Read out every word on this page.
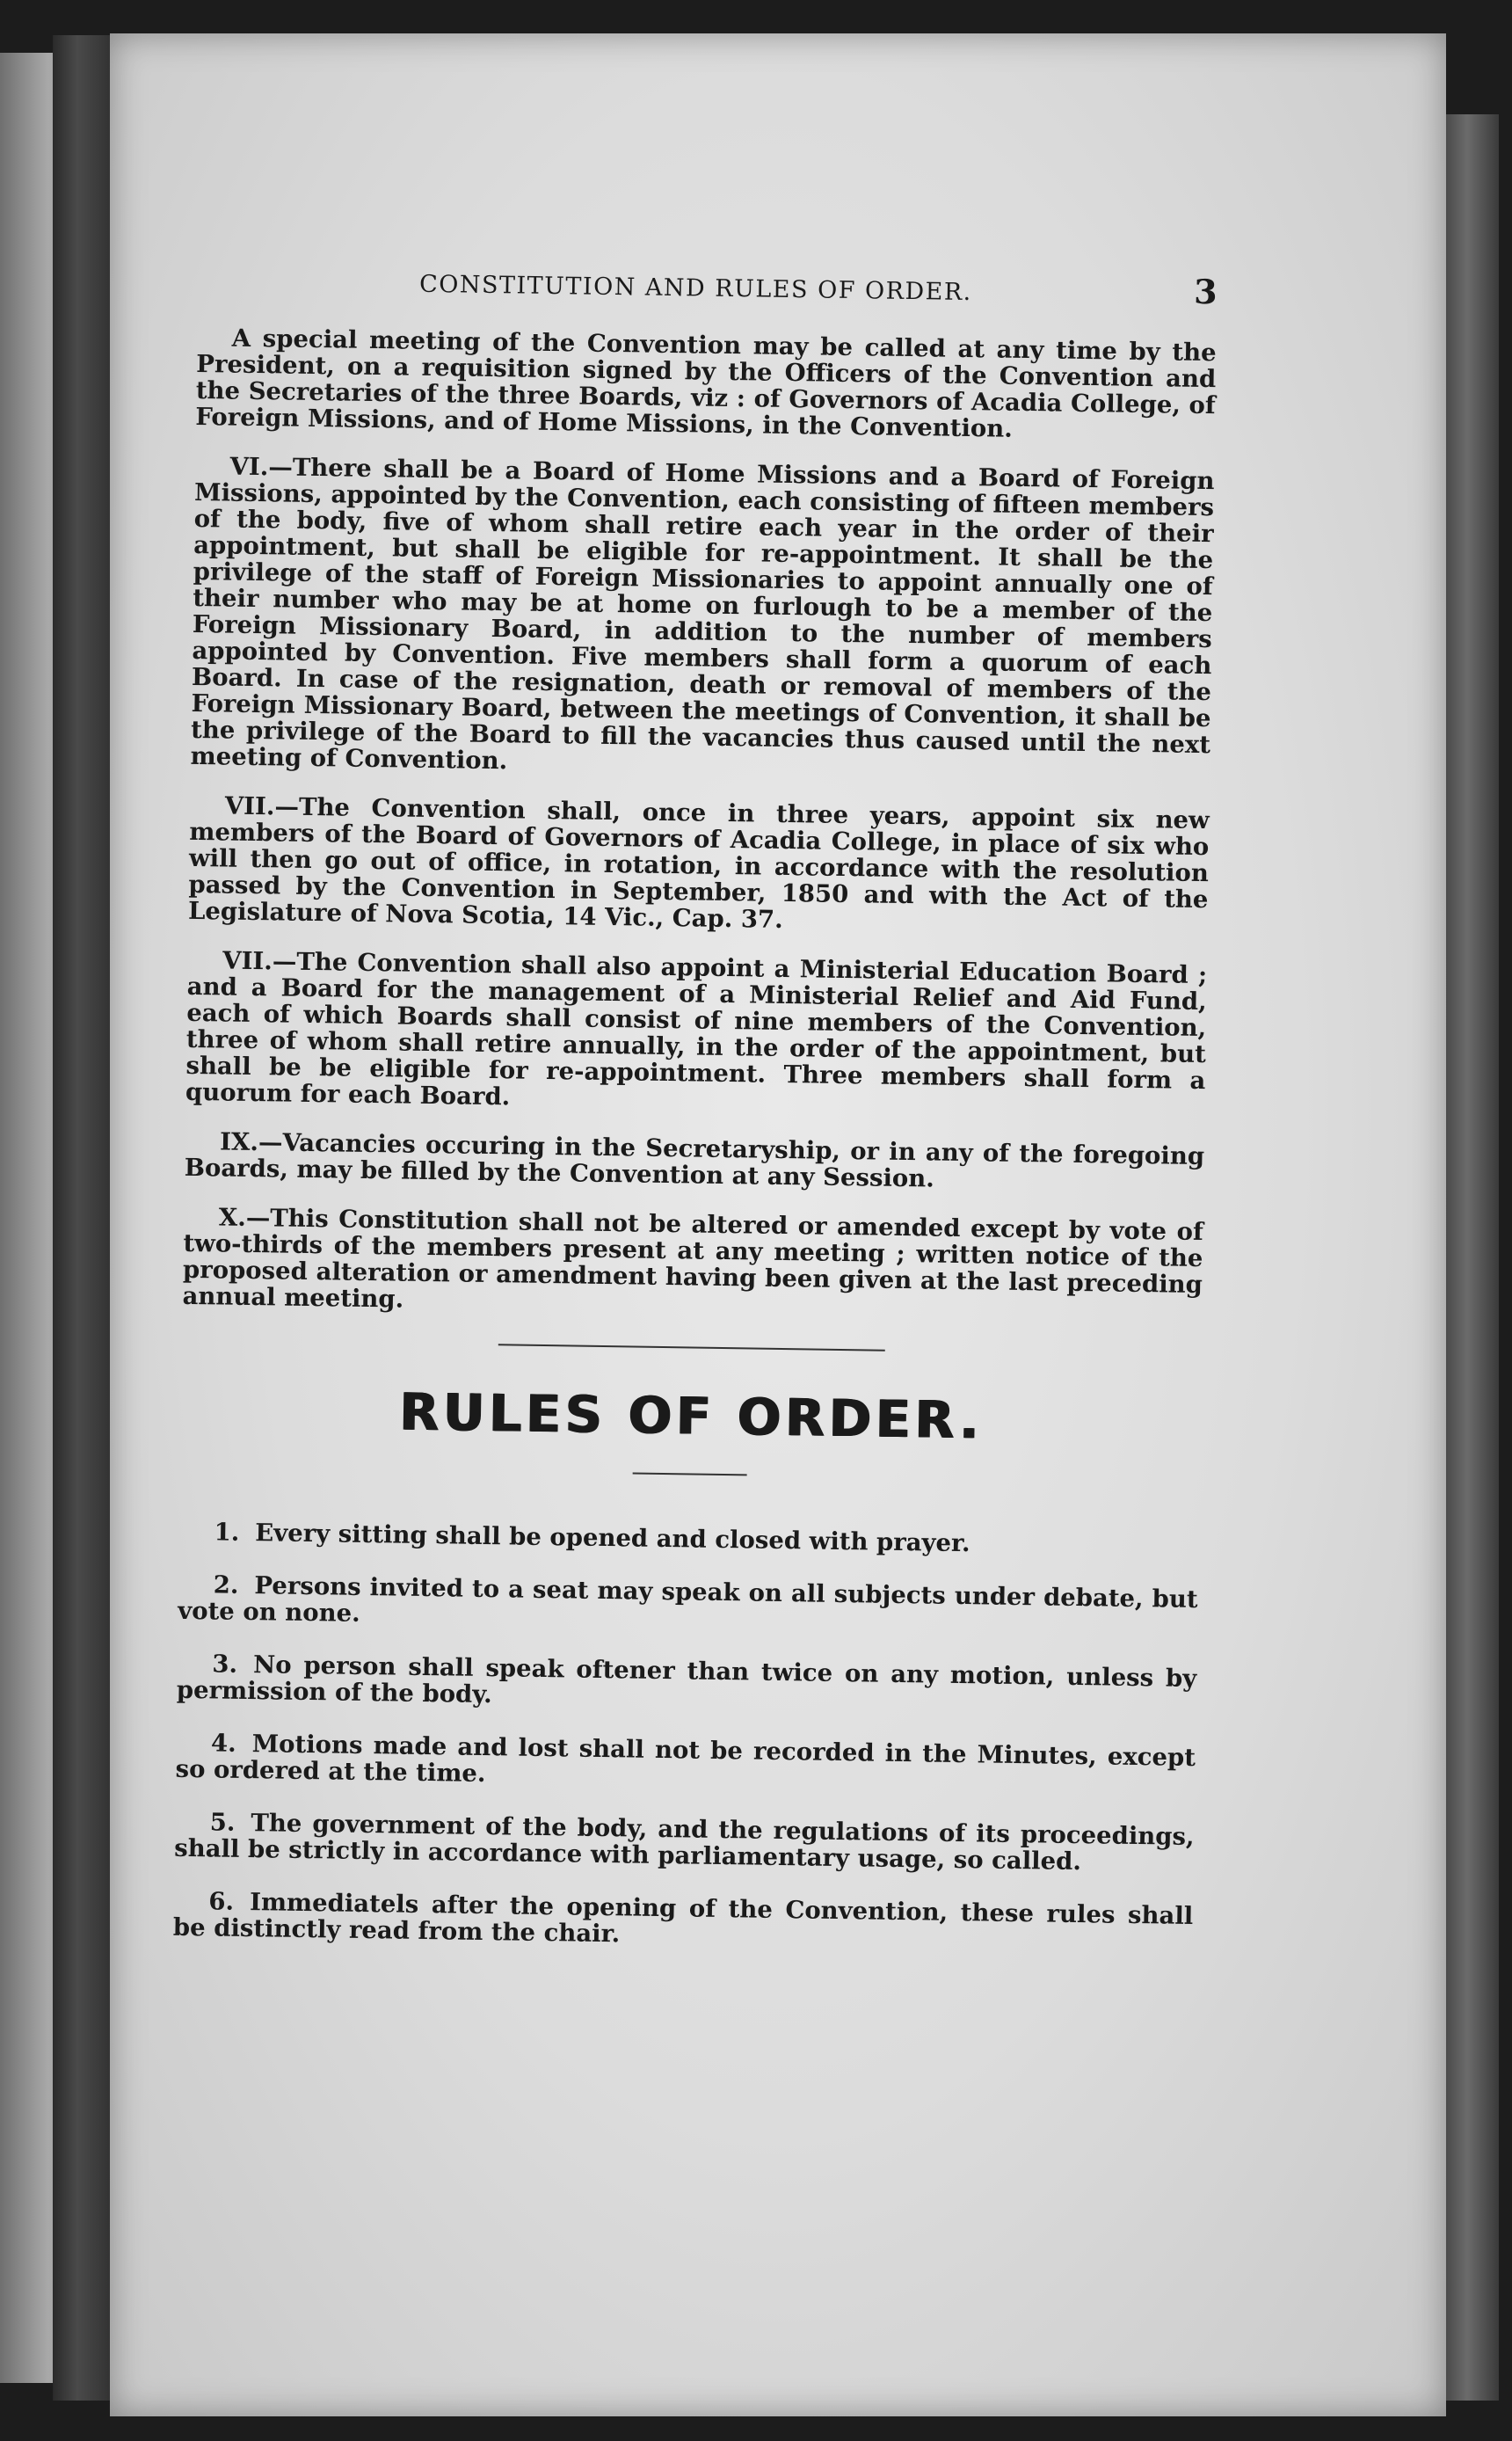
CONSTITUTION AND RULES OF ORDER.	3

A special meeting of the Convention may be called at any time by the President, on a requisition signed by the Officers of the Convention and the Secretaries of the three Boards, viz : of Governors of Acadia College, of Foreign Missions, and of Home Missions, in the Convention.

VI.—There shall be a Board of Home Missions and a Board of Foreign Missions, appointed by the Convention, each consisting of fifteen members of the body, five of whom shall retire each year in the order of their appointment, but shall be eligible for re-appointment. It shall be the privilege of the staff of Foreign Missionaries to appoint annually one of their number who may be at home on furlough to be a member of the Foreign Missionary Board, in addition to the number of members appointed by Convention. Five members shall form a quorum of each Board. In case of the resignation, death or removal of members of the Foreign Missionary Board, between the meetings of Convention, it shall be the privilege of the Board to fill the vacancies thus caused until the next meeting of Convention.

VII.—The Convention shall, once in three years, appoint six new members of the Board of Governors of Acadia College, in place of six who will then go out of office, in rotation, in accordance with the resolution passed by the Convention in September, 1850 and with the Act of the Legislature of Nova Scotia, 14 Vic., Cap. 37.

VII.—The Convention shall also appoint a Ministerial Education Board ; and a Board for the management of a Ministerial Relief and Aid Fund, each of which Boards shall consist of nine members of the Convention, three of whom shall retire annually, in the order of the appointment, but shall be be eligible for re-appointment. Three members shall form a quorum for each Board.

IX.—Vacancies occuring in the Secretaryship, or in any of the foregoing Boards, may be filled by the Convention at any Session.

X.—This Constitution shall not be altered or amended except by vote of two-thirds of the members present at any meeting ; written notice of the proposed alteration or amendment having been given at the last preceding annual meeting.

RULES OF ORDER.

1. Every sitting shall be opened and closed with prayer.

2. Persons invited to a seat may speak on all subjects under debate, but vote on none.

3. No person shall speak oftener than twice on any motion, unless by permission of the body.

4. Motions made and lost shall not be recorded in the Minutes, except so ordered at the time.

5. The government of the body, and the regulations of its proceedings, shall be strictly in accordance with parliamentary usage, so called.

6. Immediatels after the opening of the Convention, these rules shall be distinctly read from the chair.
